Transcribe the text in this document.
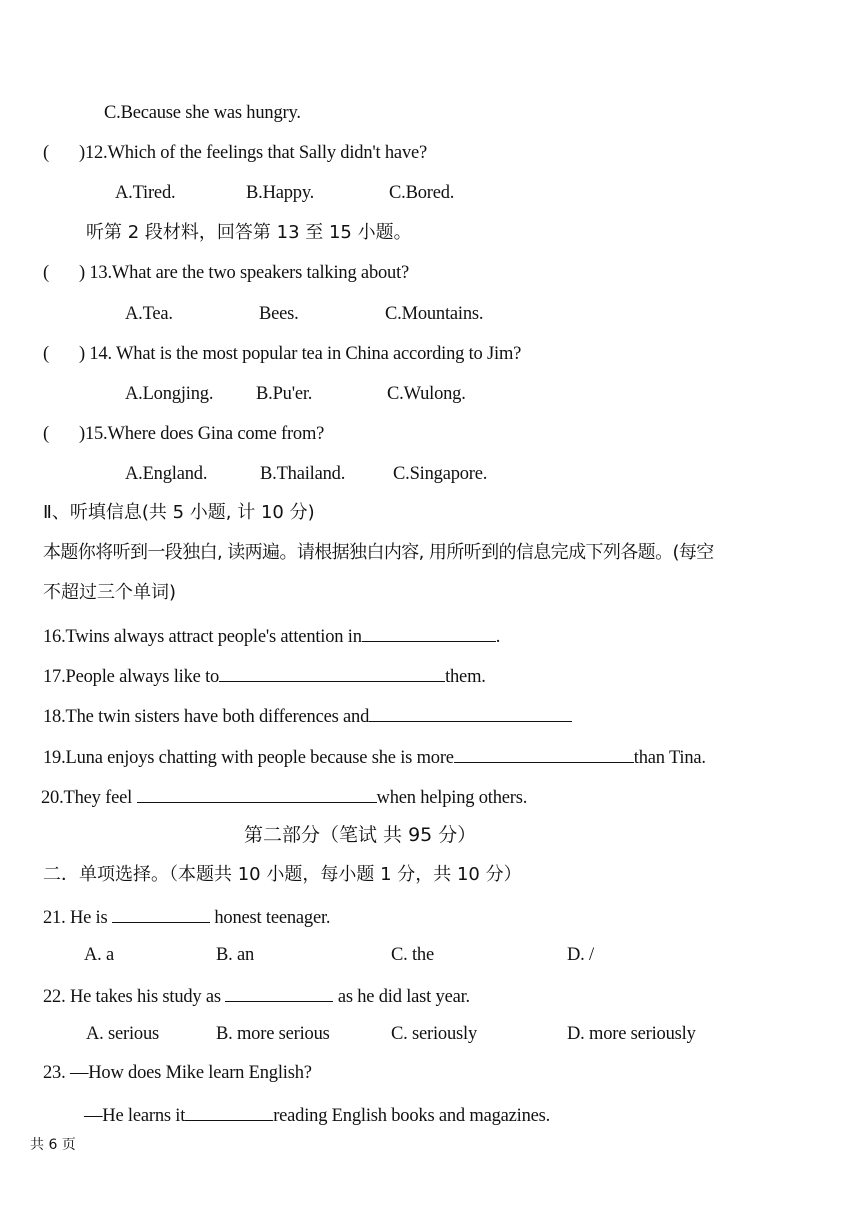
C.Because she was hungry.
( )12.Which of the feelings that Sally didn't have?
A.Tired.	B.Happy.	C.Bored.
听第 2 段材料，回答第 13 至 15 小题。
( ) 13.What are the two speakers talking about?
A.Tea.	Bees.	C.Mountains.
( ) 14. What is the most popular tea in China according to Jim?
A.Longjing. B.Pu'er.	C.Wulong.
( )15.Where does Gina come from?
A.England.	B.Thailand.	C.Singapore.
Ⅱ、听填信息(共 5 小题, 计 10 分)
本题你将听到一段独白, 读两遍。请根据独白内容, 用所听到的信息完成下列各题。(每空
不超过三个单词)
16.Twins always attract people's attention in	.
17.People always like to	them.
18.The twin sisters have both differences and
19.Luna enjoys chatting with people because she is more	than Tina.
20.They feel	when helping others.
第二部分（笔试 共 95 分）
二．单项选择。（本题共 10 小题，每小题 1 分，共 10 分）
21. He is	honest teenager.
A. a	B. an	C. the	D. /
22. He takes his study as	as he did last year.
A. serious	B. more serious	C. seriously	D. more seriously
23. —How does Mike learn English?
—He learns it	reading English books and magazines.
共 6 页
